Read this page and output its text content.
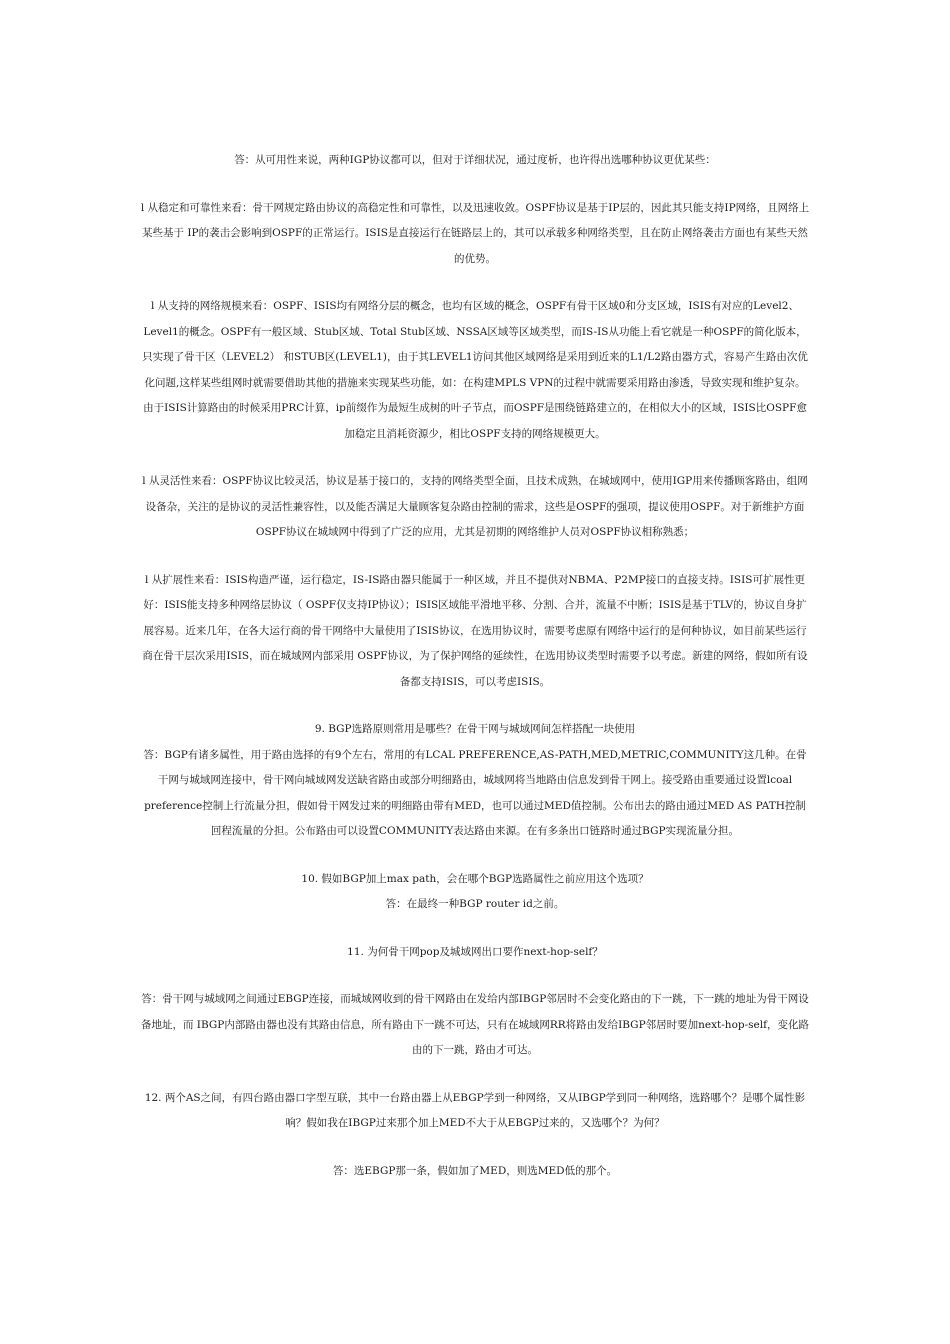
答：从可用性来说，两种IGP协议都可以，但对于详细状况，通过度析，也许得出选哪种协议更优某些：

l 从稳定和可靠性来看：骨干网规定路由协议的高稳定性和可靠性，以及迅速收敛。OSPF协议是基于IP层的，因此其只能支持IP网络，且网络上某些基于 IP的袭击会影响到OSPF的正常运行。ISIS是直接运行在链路层上的，其可以承载多种网络类型，且在防止网络袭击方面也有某些天然的优势。

l 从支持的网络规模来看：OSPF、ISIS均有网络分层的概念，也均有区域的概念，OSPF有骨干区域0和分支区域，ISIS有对应的Level2、 Level1的概念。OSPF有一般区域、Stub区域、Total Stub区域、NSSA区域等区域类型，而IS-IS从功能上看它就是一种OSPF的简化版本，只实现了骨干区（LEVEL2） 和STUB区(LEVEL1)，由于其LEVEL1访问其他区域网络是采用到近来的L1/L2路由器方式，容易产生路由次优化问题,这样某些组网时就需要借助其他的措施来实现某些功能，如：在构建MPLS VPN的过程中就需要采用路由渗透，导致实现和维护复杂。由于ISIS计算路由的时候采用PRC计算，ip前缀作为最短生成树的叶子节点，而OSPF是围绕链路建立的，在相似大小的区域，ISIS比OSPF愈加稳定且消耗资源少，相比OSPF支持的网络规模更大。

l 从灵活性来看：OSPF协议比较灵活，协议是基于接口的，支持的网络类型全面，且技术成熟，在城域网中，使用IGP用来传播顾客路由，组网设备杂，关注的是协议的灵活性兼容性，以及能否满足大量顾客复杂路由控制的需求，这些是OSPF的强项，提议使用OSPF。对于新维护方面OSPF协议在城域网中得到了广泛的应用，尤其是初期的网络维护人员对OSPF协议相称熟悉；

l 从扩展性来看：ISIS构造严谨，运行稳定，IS-IS路由器只能属于一种区域，并且不提供对NBMA、P2MP接口的直接支持。ISIS可扩展性更好：ISIS能支持多种网络层协议（ OSPF仅支持IP协议）；ISIS区域能平滑地平移、分割、合并，流量不中断；ISIS是基于TLV的，协议自身扩展容易。近来几年，在各大运行商的骨干网络中大量使用了ISIS协议，在选用协议时，需要考虑原有网络中运行的是何种协议，如目前某些运行商在骨干层次采用ISIS，而在城域网内部采用 OSPF协议，为了保护网络的延续性，在选用协议类型时需要予以考虑。新建的网络，假如所有设备都支持ISIS，可以考虑ISIS。

9. BGP选路原则常用是哪些？在骨干网与城域网间怎样搭配一块使用

答：BGP有诸多属性，用于路由选择的有9个左右，常用的有LCAL PREFERENCE,AS-PATH,MED,METRIC,COMMUNITY这几种。在骨干网与城域网连接中，骨干网向城域网发送缺省路由或部分明细路由，城域网将当地路由信息发到骨干网上。接受路由重要通过设置lcoal preference控制上行流量分担，假如骨干网发过来的明细路由带有MED，也可以通过MED值控制。公布出去的路由通过MED AS PATH控制回程流量的分担。公布路由可以设置COMMUNITY表达路由来源。在有多条出口链路时通过BGP实现流量分担。

10. 假如BGP加上max path，会在哪个BGP选路属性之前应用这个选项？

答：在最终一种BGP router id之前。

11. 为何骨干网pop及城域网出口要作next-hop-self？

答：骨干网与城域网之间通过EBGP连接，而城域网收到的骨干网路由在发给内部IBGP邻居时不会变化路由的下一跳，下一跳的地址为骨干网设备地址，而 IBGP内部路由器也没有其路由信息，所有路由下一跳不可达，只有在城域网RR将路由发给IBGP邻居时要加next-hop-self，变化路由的下一跳，路由才可达。

12. 两个AS之间，有四台路由器口字型互联，其中一台路由器上从EBGP学到一种网络，又从IBGP学到同一种网络，选路哪个？是哪个属性影响？假如我在IBGP过来那个加上MED不大于从EBGP过来的，又选哪个？为何？

答：选EBGP那一条，假如加了MED，则选MED低的那个。
